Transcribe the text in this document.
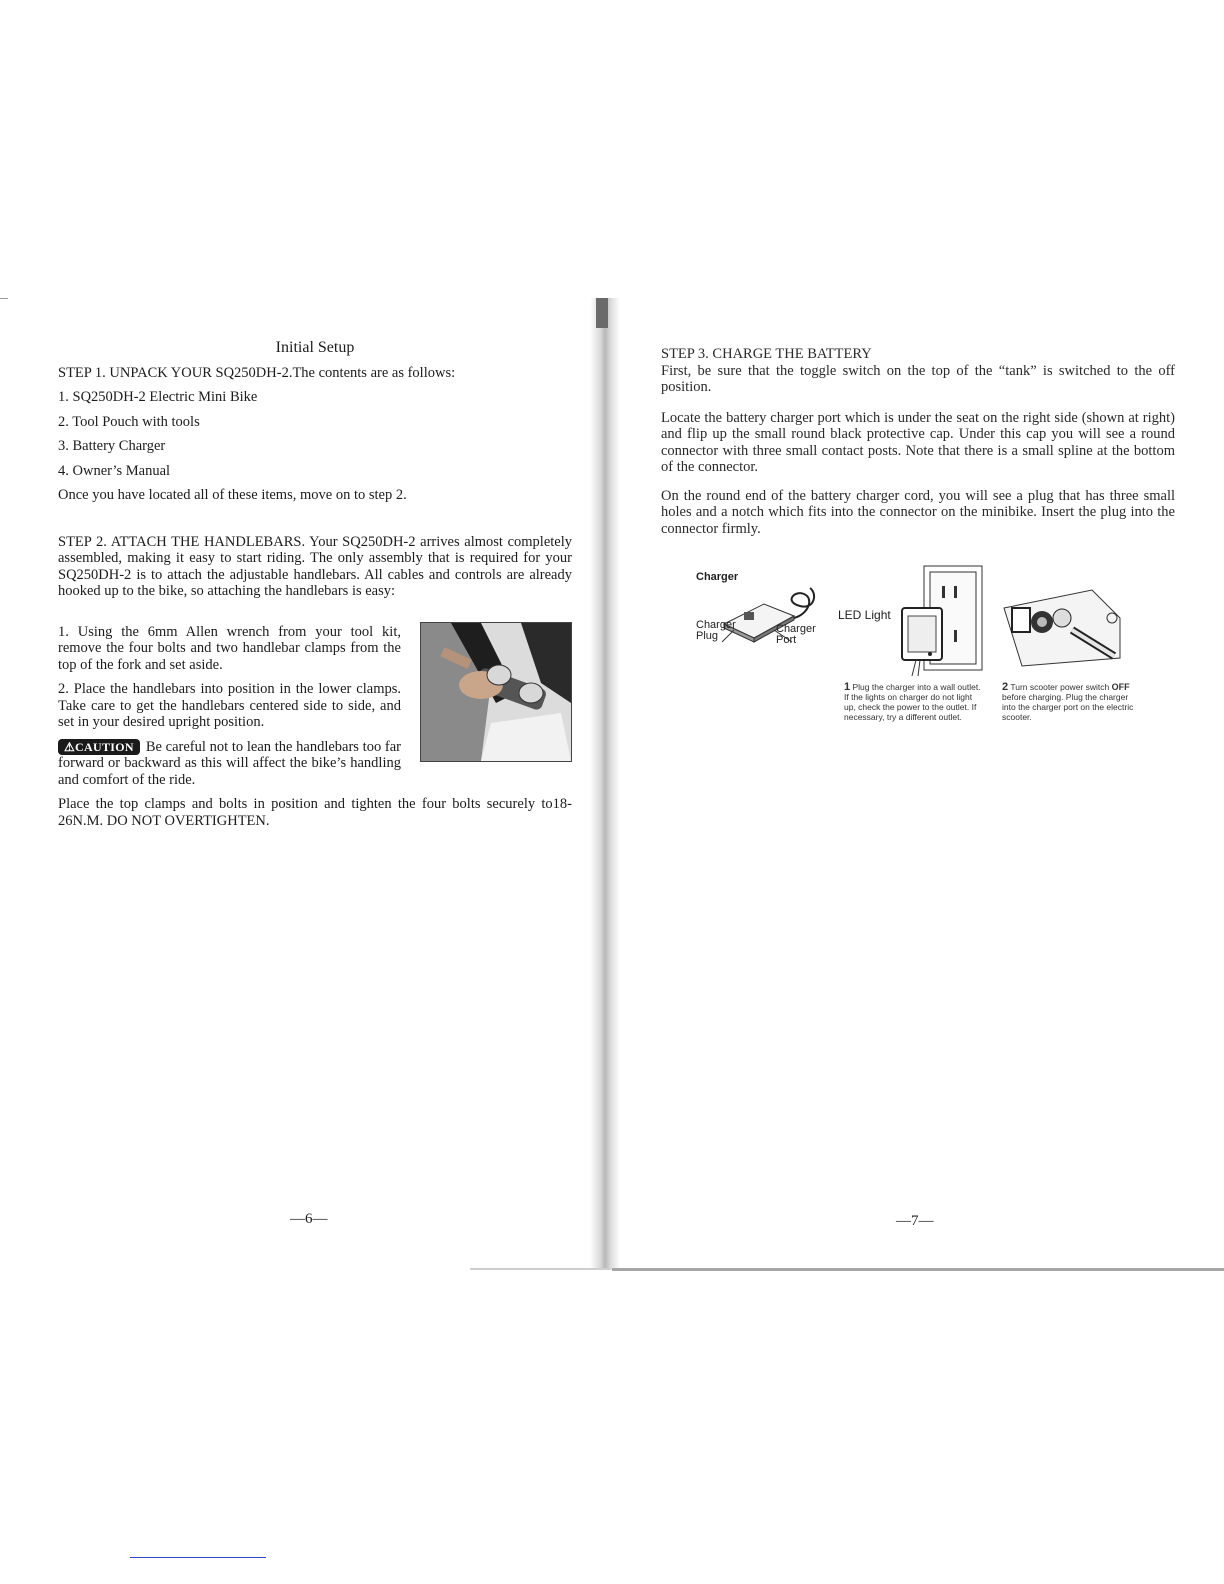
Initial Setup

STEP 1. UNPACK YOUR SQ250DH-2.The contents are as follows:

1. SQ250DH-2 Electric Mini Bike

2. Tool Pouch with tools

3. Battery Charger

4. Owner’s Manual

Once you have located all of these items, move on to step 2.

STEP 2. ATTACH THE HANDLEBARS. Your SQ250DH-2 arrives almost completely assembled, making it easy to start riding. The only assembly that is required for your SQ250DH-2 is to attach the adjustable handlebars. All cables and controls are already hooked up to the bike, so attaching the handlebars is easy:

1. Using the 6mm Allen wrench from your tool kit, remove the four bolts and two handlebar clamps from the top of the fork and set aside.

2. Place the handlebars into position in the lower clamps. Take care to get the handlebars centered side to side, and set in your desired upright position.

⚠CAUTION Be careful not to lean the handlebars too far forward or backward as this will affect the bike’s handling and comfort of the ride.

Place the top clamps and bolts in position and tighten the four bolts securely to18-26N.M. DO NOT OVERTIGHTEN.

—6—

STEP 3. CHARGE THE BATTERY

First, be sure that the toggle switch on the top of the “tank” is switched to the off position.

Locate the battery charger port which is under the seat on the right side (shown at right) and flip up the small round black protective cap. Under this cap you will see a round connector with three small contact posts. Note that there is a small spline at the bottom of the connector.

On the round end of the battery charger cord, you will see a plug that has three small holes and a notch which fits into the connector on the minibike. Insert the plug into the connector firmly.

Charger
Charger
Plug
Charger
Port
LED Light
1 Plug the charger into a wall outlet. If the lights on charger do not light up, check the power to the outlet. If necessary, try a different outlet.
2 Turn scooter power switch OFF before charging. Plug the charger into the charger port on the electric scooter.
—7—
